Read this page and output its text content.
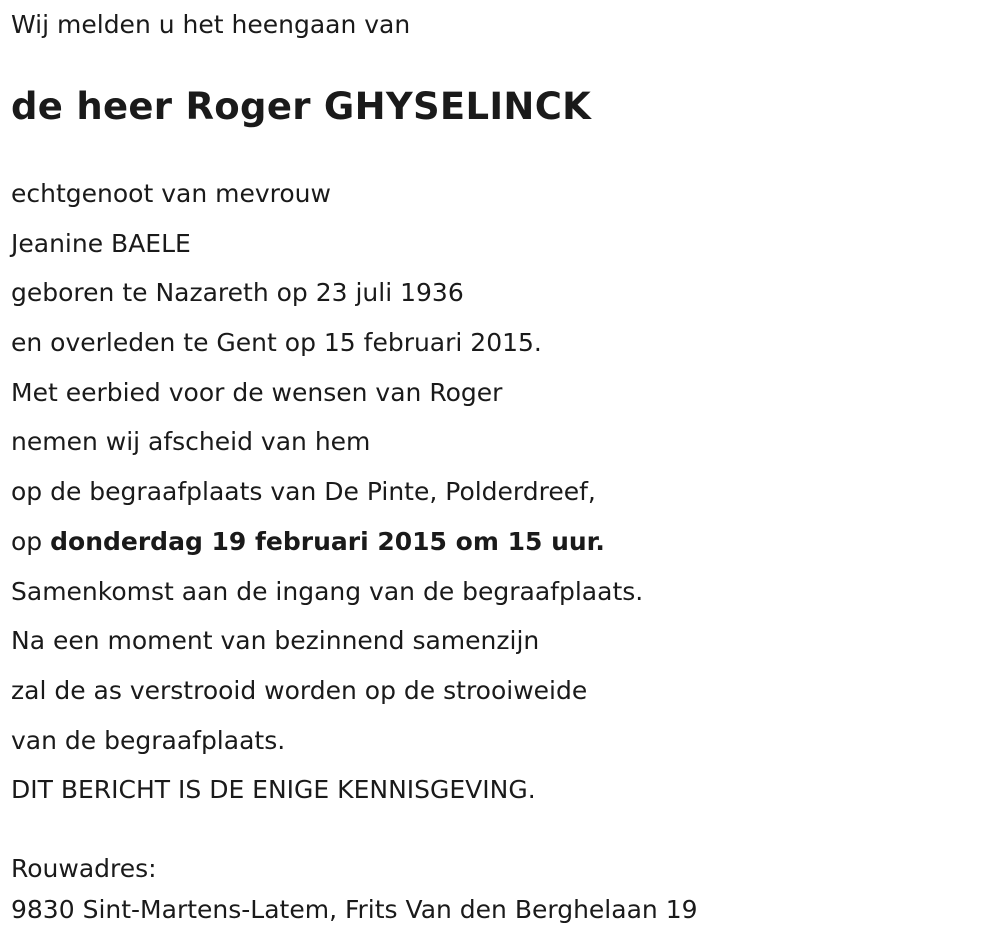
Wij melden u het heengaan van
de heer Roger GHYSELINCK
echtgenoot van mevrouw
Jeanine BAELE
geboren te Nazareth op 23 juli 1936
en overleden te Gent op 15 februari 2015.
Met eerbied voor de wensen van Roger
nemen wij afscheid van hem
op de begraafplaats van De Pinte, Polderdreef,
op donderdag 19 februari 2015 om 15 uur.
Samenkomst aan de ingang van de begraafplaats.
Na een moment van bezinnend samenzijn
zal de as verstrooid worden op de strooiweide
van de begraafplaats.
DIT BERICHT IS DE ENIGE KENNISGEVING.
Rouwadres:
9830 Sint-Martens-Latem, Frits Van den Berghelaan 19
